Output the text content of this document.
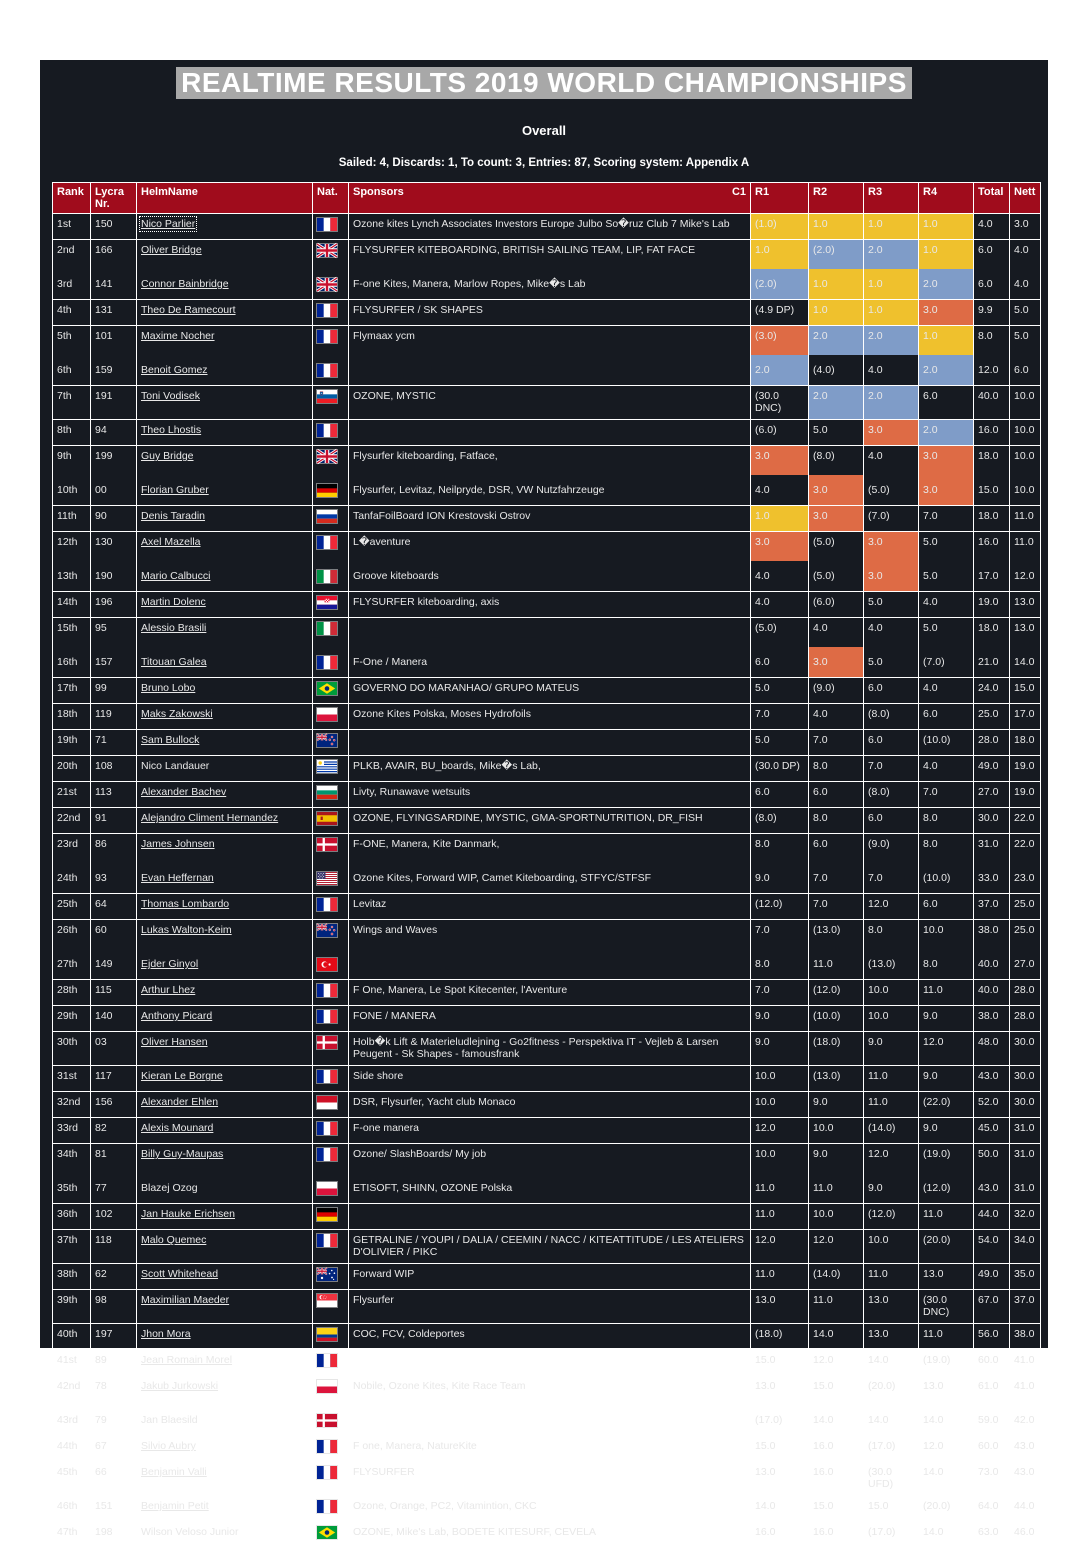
REALTIME RESULTS 2019 WORLD CHAMPIONSHIPS
Overall
Sailed: 4, Discards: 1, To count: 3, Entries: 87, Scoring system: Appendix A
Rank	Lycra Nr.	HelmName	Nat.	Sponsors C1	R1	R2	R3	R4	Total	Nett
1st	150	Nico Parlier		Ozone kites Lynch Associates Investors Europe Julbo So�ruz Club 7 Mike's Lab	(1.0)	1.0	1.0	1.0	4.0	3.0
2nd	166	Oliver Bridge		FLYSURFER KITEBOARDING, BRITISH SAILING TEAM, LIP, FAT FACE	1.0	(2.0)	2.0	1.0	6.0	4.0
3rd	141	Connor Bainbridge		F-one Kites, Manera, Marlow Ropes, Mike�s Lab	(2.0)	1.0	1.0	2.0	6.0	4.0
4th	131	Theo De Ramecourt		FLYSURFER / SK SHAPES	(4.9 DP)	1.0	1.0	3.0	9.9	5.0
5th	101	Maxime Nocher		Flymaax ycm	(3.0)	2.0	2.0	1.0	8.0	5.0
6th	159	Benoit Gomez			2.0	(4.0)	4.0	2.0	12.0	6.0
7th	191	Toni Vodisek		OZONE, MYSTIC	(30.0 DNC)	2.0	2.0	6.0	40.0	10.0
8th	94	Theo Lhostis			(6.0)	5.0	3.0	2.0	16.0	10.0
9th	199	Guy Bridge		Flysurfer kiteboarding, Fatface,	3.0	(8.0)	4.0	3.0	18.0	10.0
10th	00	Florian Gruber		Flysurfer, Levitaz, Neilpryde, DSR, VW Nutzfahrzeuge	4.0	3.0	(5.0)	3.0	15.0	10.0
11th	90	Denis Taradin		TanfaFoilBoard ION Krestovski Ostrov	1.0	3.0	(7.0)	7.0	18.0	11.0
12th	130	Axel Mazella		L�aventure	3.0	(5.0)	3.0	5.0	16.0	11.0
13th	190	Mario Calbucci		Groove kiteboards	4.0	(5.0)	3.0	5.0	17.0	12.0
14th	196	Martin Dolenc		FLYSURFER kiteboarding, axis	4.0	(6.0)	5.0	4.0	19.0	13.0
15th	95	Alessio Brasili			(5.0)	4.0	4.0	5.0	18.0	13.0
16th	157	Titouan Galea		F-One / Manera	6.0	3.0	5.0	(7.0)	21.0	14.0
17th	99	Bruno Lobo		GOVERNO DO MARANHAO/ GRUPO MATEUS	5.0	(9.0)	6.0	4.0	24.0	15.0
18th	119	Maks Zakowski		Ozone Kites Polska, Moses Hydrofoils	7.0	4.0	(8.0)	6.0	25.0	17.0
19th	71	Sam Bullock			5.0	7.0	6.0	(10.0)	28.0	18.0
20th	108	Nico Landauer		PLKB, AVAIR, BU_boards, Mike�s Lab,	(30.0 DP)	8.0	7.0	4.0	49.0	19.0
21st	113	Alexander Bachev		Livty, Runawave wetsuits	6.0	6.0	(8.0)	7.0	27.0	19.0
22nd	91	Alejandro Climent Hernandez		OZONE, FLYINGSARDINE, MYSTIC, GMA-SPORTNUTRITION, DR_FISH	(8.0)	8.0	6.0	8.0	30.0	22.0
23rd	86	James Johnsen		F-ONE, Manera, Kite Danmark,	8.0	6.0	(9.0)	8.0	31.0	22.0
24th	93	Evan Heffernan		Ozone Kites, Forward WIP, Camet Kiteboarding, STFYC/STFSF	9.0	7.0	7.0	(10.0)	33.0	23.0
25th	64	Thomas Lombardo		Levitaz	(12.0)	7.0	12.0	6.0	37.0	25.0
26th	60	Lukas Walton-Keim		Wings and Waves	7.0	(13.0)	8.0	10.0	38.0	25.0
27th	149	Ejder Ginyol			8.0	11.0	(13.0)	8.0	40.0	27.0
28th	115	Arthur Lhez		F One, Manera, Le Spot Kitecenter, l'Aventure	7.0	(12.0)	10.0	11.0	40.0	28.0
29th	140	Anthony Picard		FONE / MANERA	9.0	(10.0)	10.0	9.0	38.0	28.0
30th	03	Oliver Hansen		Holb�k Lift & Materieludlejning - Go2fitness - Perspektiva IT - Vejleb & Larsen Peugent - Sk Shapes - famousfrank	9.0	(18.0)	9.0	12.0	48.0	30.0
31st	117	Kieran Le Borgne		Side shore	10.0	(13.0)	11.0	9.0	43.0	30.0
32nd	156	Alexander Ehlen		DSR, Flysurfer, Yacht club Monaco	10.0	9.0	11.0	(22.0)	52.0	30.0
33rd	82	Alexis Mounard		F-one manera	12.0	10.0	(14.0)	9.0	45.0	31.0
34th	81	Billy Guy-Maupas		Ozone/ SlashBoards/ My job	10.0	9.0	12.0	(19.0)	50.0	31.0
35th	77	Blazej Ozog		ETISOFT, SHINN, OZONE Polska	11.0	11.0	9.0	(12.0)	43.0	31.0
36th	102	Jan Hauke Erichsen			11.0	10.0	(12.0)	11.0	44.0	32.0
37th	118	Malo Quemec		GETRALINE / YOUPI / DALIA / CEEMIN / NACC / KITEATTITUDE / LES ATELIERS D'OLIVIER / PIKC	12.0	12.0	10.0	(20.0)	54.0	34.0
38th	62	Scott Whitehead		Forward WIP	11.0	(14.0)	11.0	13.0	49.0	35.0
39th	98	Maximilian Maeder		Flysurfer	13.0	11.0	13.0	(30.0 DNC)	67.0	37.0
40th	197	Jhon Mora		COC, FCV, Coldeportes	(18.0)	14.0	13.0	11.0	56.0	38.0
41st	89	Jean Romain Morel			15.0	12.0	14.0	(19.0)	60.0	41.0
42nd	78	Jakub Jurkowski		Nobile, Ozone Kites, Kite Race Team	13.0	15.0	(20.0)	13.0	61.0	41.0
43rd	79	Jan Blaesild			(17.0)	14.0	14.0	14.0	59.0	42.0
44th	67	Silvio Aubry		F one, Manera, NatureKite	15.0	16.0	(17.0)	12.0	60.0	43.0
45th	66	Benjamin Valli		FLYSURFER	13.0	16.0	(30.0 UFD)	14.0	73.0	43.0
46th	151	Benjamin Petit		Ozone, Orange, PC2, Vitamintion, CKC	14.0	15.0	15.0	(20.0)	64.0	44.0
47th	198	Wilson Veloso Junior		OZONE, Mike's Lab, BODETE KITESURF, CEVELA	16.0	16.0	(17.0)	14.0	63.0	46.0
